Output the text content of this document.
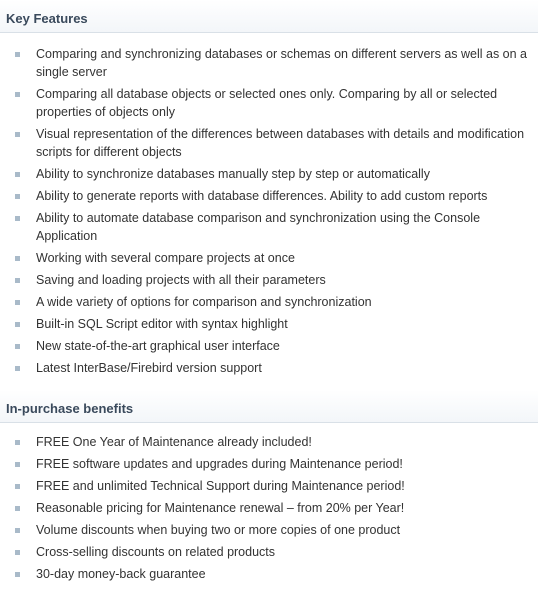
Key Features
Comparing and synchronizing databases or schemas on different servers as well as on a single server
Comparing all database objects or selected ones only. Comparing by all or selected properties of objects only
Visual representation of the differences between databases with details and modification scripts for different objects
Ability to synchronize databases manually step by step or automatically
Ability to generate reports with database differences. Ability to add custom reports
Ability to automate database comparison and synchronization using the Console Application
Working with several compare projects at once
Saving and loading projects with all their parameters
A wide variety of options for comparison and synchronization
Built-in SQL Script editor with syntax highlight
New state-of-the-art graphical user interface
Latest InterBase/Firebird version support
In-purchase benefits
FREE One Year of Maintenance already included!
FREE software updates and upgrades during Maintenance period!
FREE and unlimited Technical Support during Maintenance period!
Reasonable pricing for Maintenance renewal – from 20% per Year!
Volume discounts when buying two or more copies of one product
Cross-selling discounts on related products
30-day money-back guarantee
